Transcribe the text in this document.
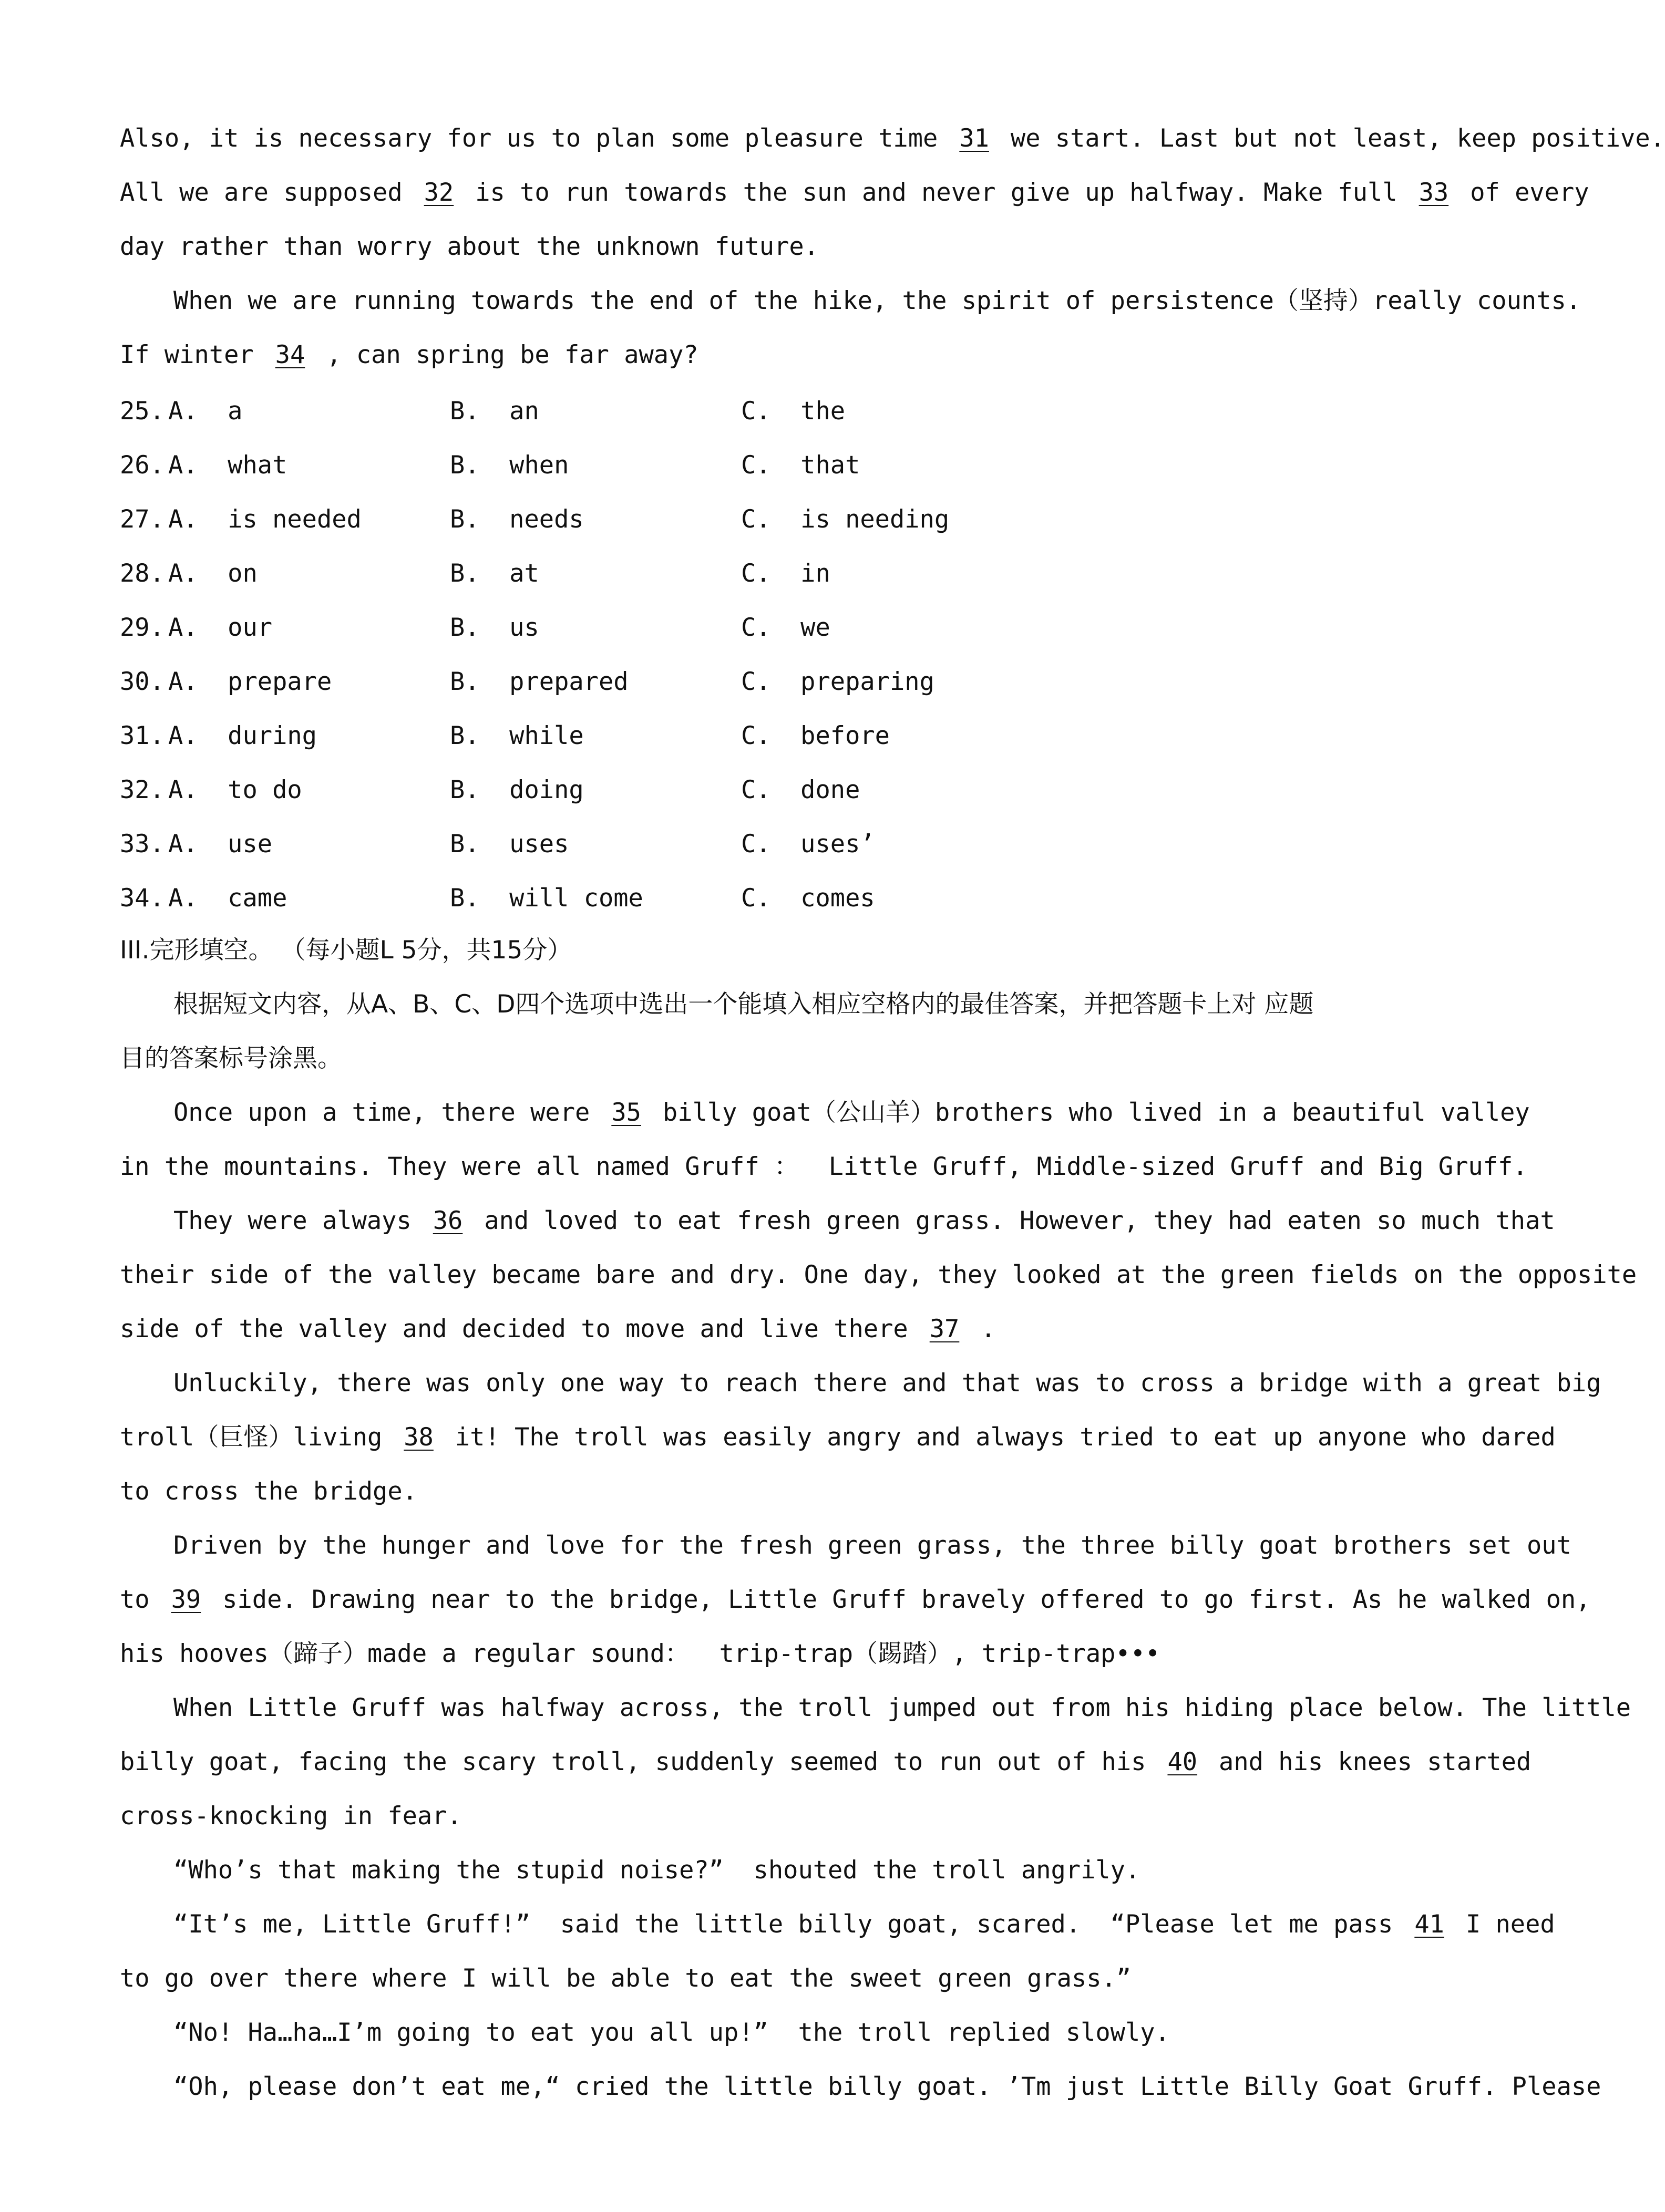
Also, it is necessary for us to plan some pleasure time 31 we start. Last but not least, keep positive.
All we are supposed 32 is to run towards the sun and never give up halfway. Make full 33 of every
day rather than worry about the unknown future.
When we are running towards the end of the hike, the spirit of persistence（坚持）really counts.
If winter 34 , can spring be far away?
25. A.  a	B.  an	C.  the
26. A.  what	B.  when	C.  that
27. A.  is needed	B.  needs	C.  is needing
28. A.  on	B.  at	C.  in
29. A.  our	B.  us	C.  we
30. A.  prepare	B.  prepared	C.  preparing
31. A.  during	B.  while	C.  before
32. A.  to do	B.  doing	C.  done
33. A.  use	B.  uses	C.  uses’
34. A.  came	B.  will come	C.  comes
III.完形填空。 （每小题L 5分，共15分）
根据短文内容，从A、B、C、D四个选项中选出一个能填入相应空格内的最佳答案，并把答题卡上对 应题
目的答案标号涂黑。
Once upon a time, there were 35 billy goat（公山羊）brothers who lived in a beautiful valley
in the mountains. They were all named Gruff ：  Little Gruff, Middle-sized Gruff and Big Gruff.
They were always 36 and loved to eat fresh green grass. However, they had eaten so much that
their side of the valley became bare and dry. One day, they looked at the green fields on the opposite
side of the valley and decided to move and live there 37 .
Unluckily, there was only one way to reach there and that was to cross a bridge with a great big
troll（巨怪）living 38 it! The troll was easily angry and always tried to eat up anyone who dared
to cross the bridge.
Driven by the hunger and love for the fresh green grass, the three billy goat brothers set out
to 39 side. Drawing near to the bridge, Little Gruff bravely offered to go first. As he walked on,
his hooves（蹄子）made a regular sound：  trip-trap（踢踏）, trip-trap•••
When Little Gruff was halfway across, the troll jumped out from his hiding place below. The little
billy goat, facing the scary troll, suddenly seemed to run out of his 40 and his knees started
cross-knocking in fear.
“Who’s that making the stupid noise?”  shouted the troll angrily.
“It’s me, Little Gruff!”  said the little billy goat, scared.  “Please let me pass 41 I need
to go over there where I will be able to eat the sweet green grass.”
“No! Ha…ha…I’m going to eat you all up!”  the troll replied slowly.
“Oh, please don’t eat me,“ cried the little billy goat. ’Tm just Little Billy Goat Gruff. Please
